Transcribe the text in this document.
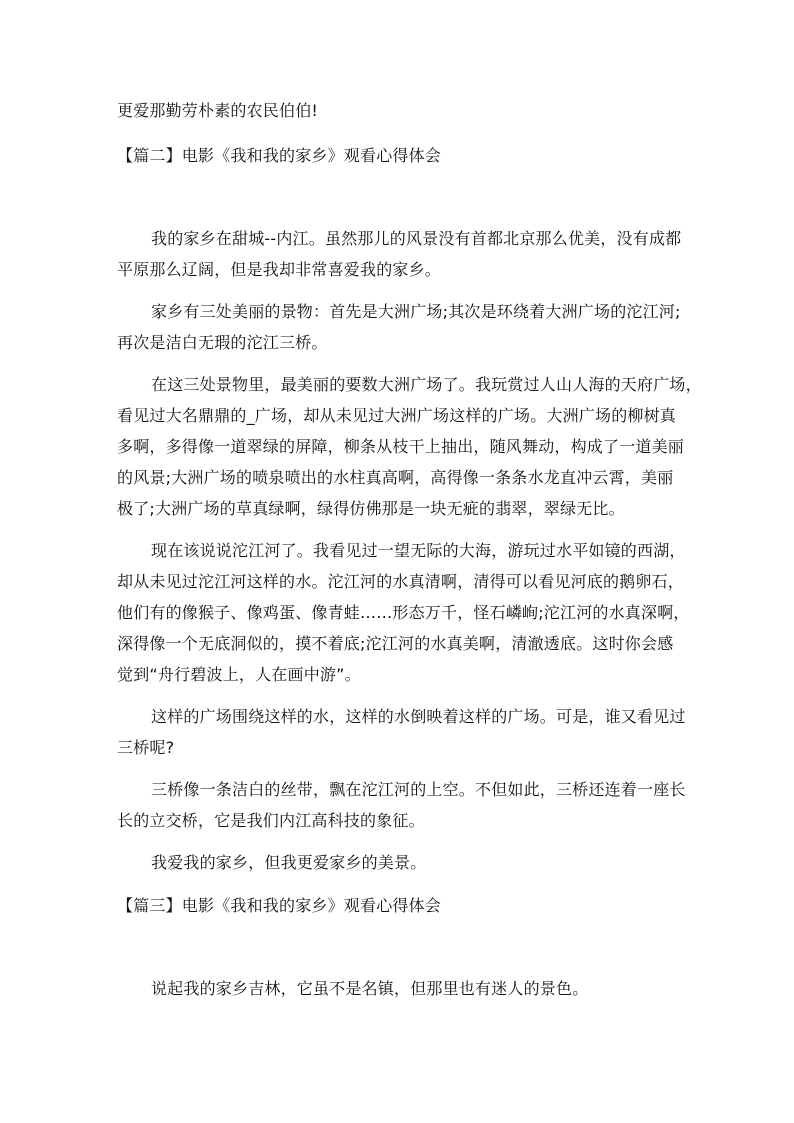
更爱那勤劳朴素的农民伯伯!
【篇二】电影《我和我的家乡》观看心得体会
我的家乡在甜城--内江。虽然那儿的风景没有首都北京那么优美，没有成都
平原那么辽阔，但是我却非常喜爱我的家乡。
家乡有三处美丽的景物：首先是大洲广场;其次是环绕着大洲广场的沱江河;
再次是洁白无瑕的沱江三桥。
在这三处景物里，最美丽的要数大洲广场了。我玩赏过人山人海的天府广场，
看见过大名鼎鼎的_广场，却从未见过大洲广场这样的广场。大洲广场的柳树真
多啊，多得像一道翠绿的屏障，柳条从枝干上抽出，随风舞动，构成了一道美丽
的风景;大洲广场的喷泉喷出的水柱真高啊，高得像一条条水龙直冲云霄，美丽
极了;大洲广场的草真绿啊，绿得仿佛那是一块无疵的翡翠，翠绿无比。
现在该说说沱江河了。我看见过一望无际的大海，游玩过水平如镜的西湖，
却从未见过沱江河这样的水。沱江河的水真清啊，清得可以看见河底的鹅卵石，
他们有的像猴子、像鸡蛋、像青蛙……形态万千，怪石嶙峋;沱江河的水真深啊，
深得像一个无底洞似的，摸不着底;沱江河的水真美啊，清澈透底。这时你会感
觉到“舟行碧波上，人在画中游”。
这样的广场围绕这样的水，这样的水倒映着这样的广场。可是，谁又看见过
三桥呢?
三桥像一条洁白的丝带，飘在沱江河的上空。不但如此，三桥还连着一座长
长的立交桥，它是我们内江高科技的象征。
我爱我的家乡，但我更爱家乡的美景。
【篇三】电影《我和我的家乡》观看心得体会
说起我的家乡吉林，它虽不是名镇，但那里也有迷人的景色。
